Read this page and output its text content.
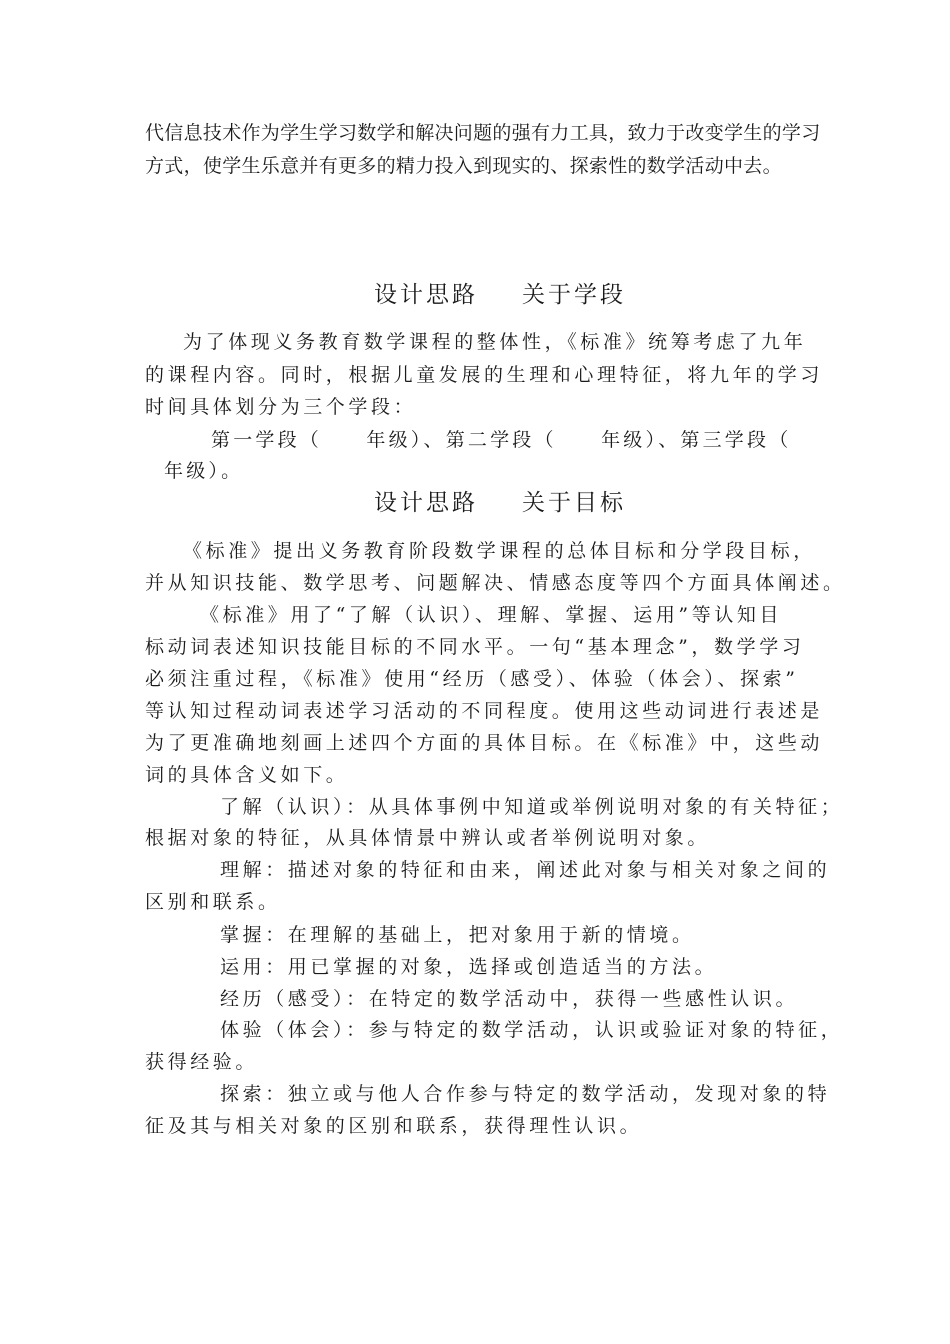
代信息技术作为学生学习数学和解决问题的强有力工具，致力于改变学生的学习
方式，使学生乐意并有更多的精力投入到现实的、探索性的数学活动中去。
设计思路 关于学段
为了体现义务教育数学课程的整体性，《标准》统筹考虑了九年
的课程内容。同时，根据儿童发展的生理和心理特征，将九年的学习
时间具体划分为三个学段：
第一学段（　　年级）、第二学段（　　年级）、第三学段（
年级）。
设计思路 关于目标
《标准》提出义务教育阶段数学课程的总体目标和分学段目标，
并从知识技能、数学思考、问题解决、情感态度等四个方面具体阐述。
《标准》用了“了解（认识）、理解、掌握、运用”等认知目
标动词表述知识技能目标的不同水平。一句“基本理念”，数学学习
必须注重过程，《标准》使用“经历（感受）、体验（体会）、探索”
等认知过程动词表述学习活动的不同程度。使用这些动词进行表述是
为了更准确地刻画上述四个方面的具体目标。在《标准》中，这些动
词的具体含义如下。
了解（认识）：从具体事例中知道或举例说明对象的有关特征；
根据对象的特征，从具体情景中辨认或者举例说明对象。
理解：描述对象的特征和由来，阐述此对象与相关对象之间的
区别和联系。
掌握：在理解的基础上，把对象用于新的情境。
运用：用已掌握的对象，选择或创造适当的方法。
经历（感受）：在特定的数学活动中，获得一些感性认识。
体验（体会）：参与特定的数学活动，认识或验证对象的特征，
获得经验。
探索：独立或与他人合作参与特定的数学活动，发现对象的特
征及其与相关对象的区别和联系，获得理性认识。
